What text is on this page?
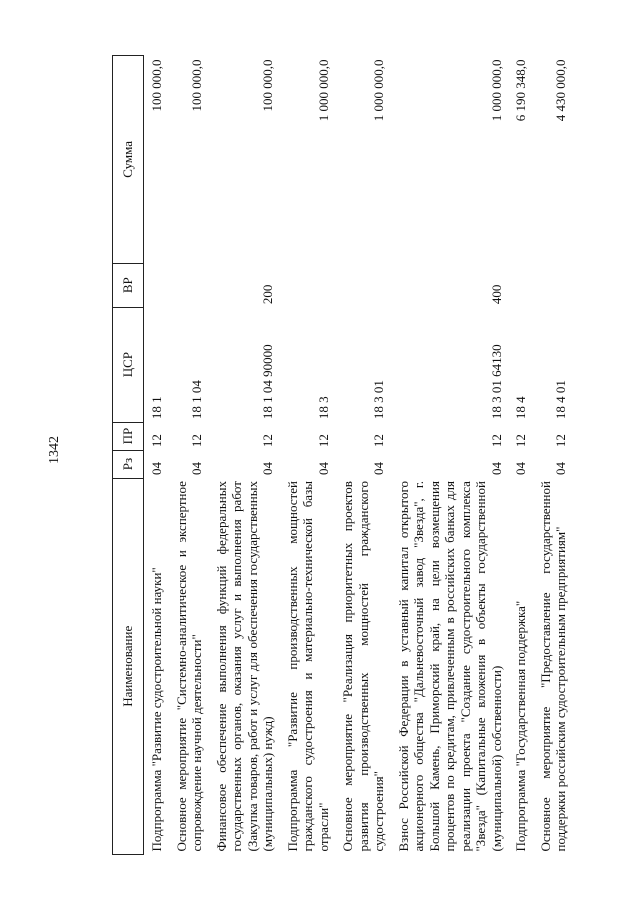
1342
Наименование	Рз	ПР	ЦСР	ВР	Сумма
Подпрограмма "Развитие судостроительной науки"	04	12	18 1		100 000,0
Основное мероприятие "Системно-аналитическое и экспертное сопровождение научной деятельности"	04	12	18 1 04		100 000,0
Финансовое обеспечение выполнения функций федеральных государственных органов, оказания услуг и выполнения работ (Закупка товаров, работ и услуг для обеспечения государственных (муниципальных) нужд)	04	12	18 1 04 90000	200	100 000,0
Подпрограмма "Развитие производственных мощностей гражданского судостроения и материально-технической базы отрасли"	04	12	18 3		1 000 000,0
Основное мероприятие "Реализация приоритетных проектов развития производственных мощностей гражданского судостроения"	04	12	18 3 01		1 000 000,0
Взнос Российской Федерации в уставный капитал открытого акционерного общества "Дальневосточный завод "Звезда", г. Большой Камень, Приморский край, на цели возмещения процентов по кредитам, привлеченным в российских банках для реализации проекта "Создание судостроительного комплекса "Звезда" (Капитальные вложения в объекты государственной (муниципальной) собственности)	04	12	18 3 01 64130	400	1 000 000,0
Подпрограмма "Государственная поддержка"	04	12	18 4		6 190 348,0
Основное мероприятие "Предоставление государственной поддержки российским судостроительным предприятиям"	04	12	18 4 01		4 430 000,0
